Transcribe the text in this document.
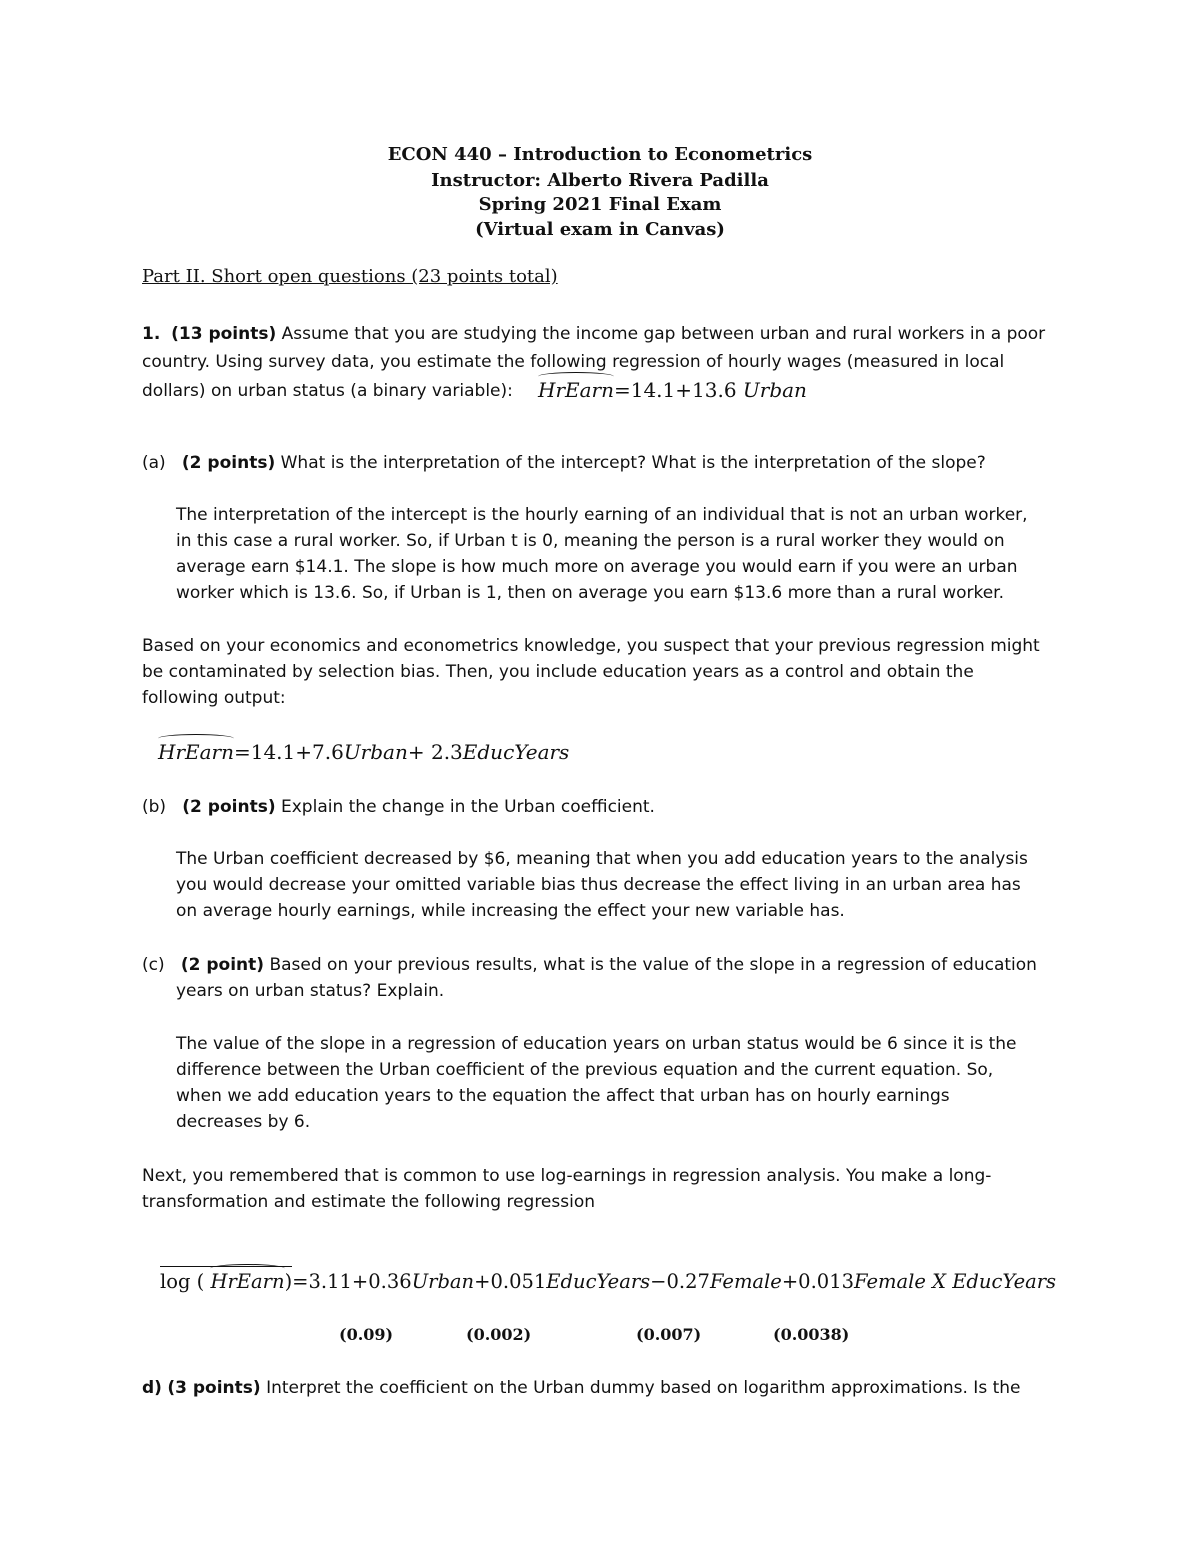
ECON 440 – Introduction to Econometrics
Instructor: Alberto Rivera Padilla
Spring 2021 Final Exam
(Virtual exam in Canvas)
Part II. Short open questions (23 points total)
1. (13 points) Assume that you are studying the income gap between urban and rural workers in a poor
country. Using survey data, you estimate the following regression of hourly wages (measured in local
dollars) on urban status (a binary variable): HrEarn=14.1+13.6 Urban
(a) (2 points) What is the interpretation of the intercept? What is the interpretation of the slope?
The interpretation of the intercept is the hourly earning of an individual that is not an urban worker,
in this case a rural worker. So, if Urban t is 0, meaning the person is a rural worker they would on
average earn $14.1. The slope is how much more on average you would earn if you were an urban
worker which is 13.6. So, if Urban is 1, then on average you earn $13.6 more than a rural worker.
Based on your economics and econometrics knowledge, you suspect that your previous regression might
be contaminated by selection bias. Then, you include education years as a control and obtain the
following output:
HrEarn=14.1+7.6Urban+ 2.3EducYears
(b) (2 points) Explain the change in the Urban coefficient.
The Urban coefficient decreased by $6, meaning that when you add education years to the analysis
you would decrease your omitted variable bias thus decrease the effect living in an urban area has
on average hourly earnings, while increasing the effect your new variable has.
(c) (2 point) Based on your previous results, what is the value of the slope in a regression of education
years on urban status? Explain.
The value of the slope in a regression of education years on urban status would be 6 since it is the
difference between the Urban coefficient of the previous equation and the current equation. So,
when we add education years to the equation the affect that urban has on hourly earnings
decreases by 6.
Next, you remembered that is common to use log-earnings in regression analysis. You make a long-
transformation and estimate the following regression
log ( HrEarn)=3.11+0.36Urban+0.051EducYears−0.27Female+0.013Female X EducYears
(0.09)	(0.002)	(0.007)	(0.0038)
d) (3 points) Interpret the coefficient on the Urban dummy based on logarithm approximations. Is the
